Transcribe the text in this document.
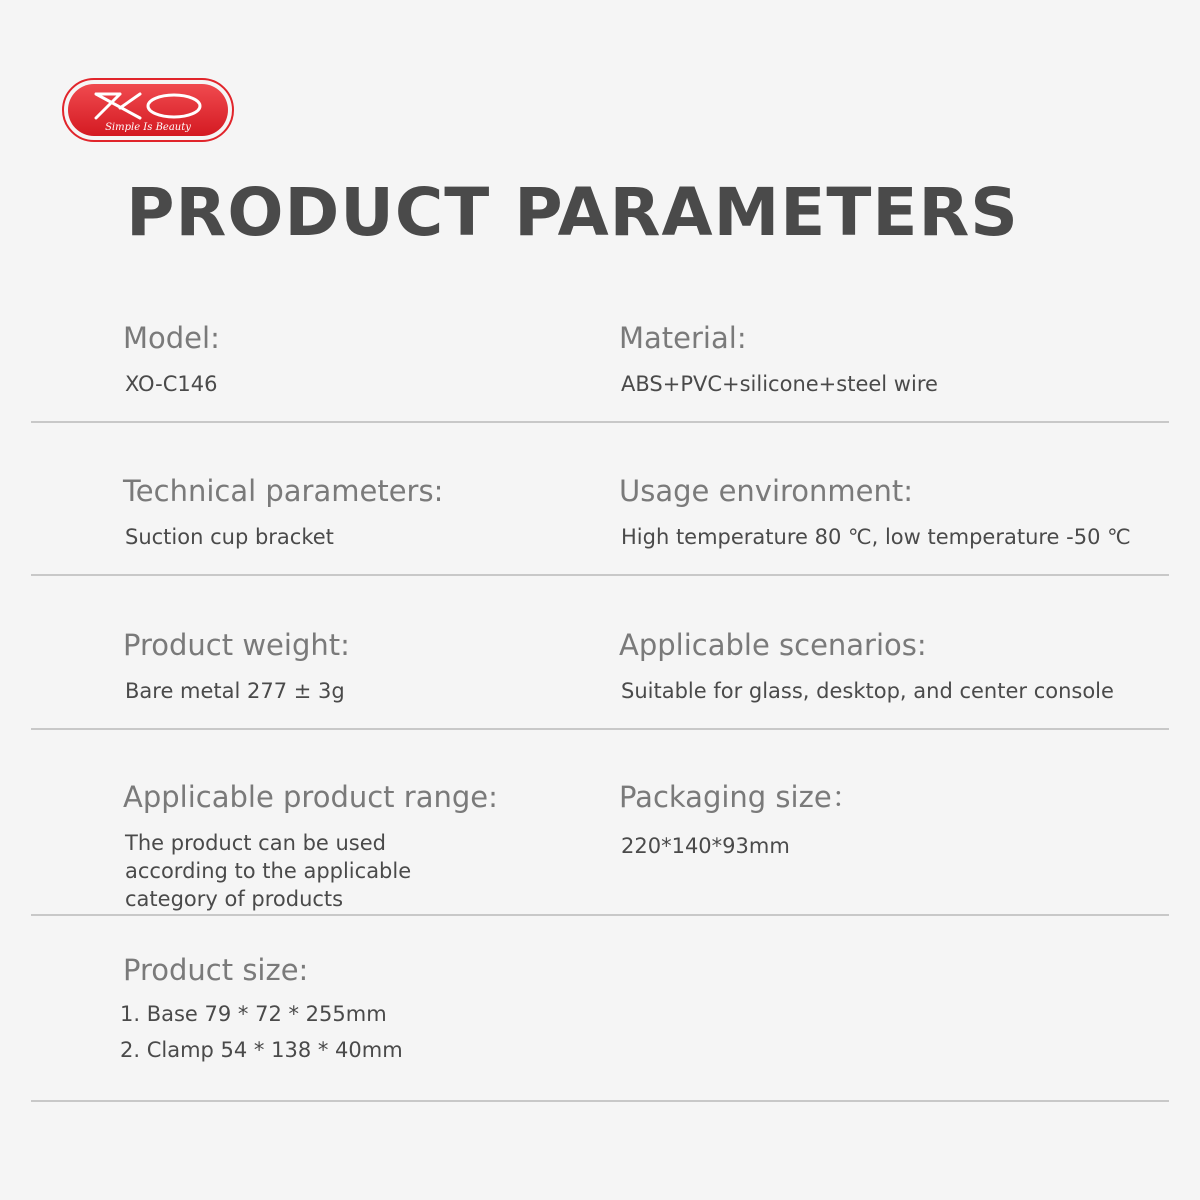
Simple Is Beauty
PRODUCT PARAMETERS

Model:

XO-C146

Material:

ABS+PVC+silicone+steel wire

Technical parameters:

Suction cup bracket

Usage environment:

High temperature 80 ℃, low temperature -50 ℃

Product weight:

Bare metal 277 ± 3g

Applicable scenarios:

Suitable for glass, desktop, and center console

Applicable product range:

The product can be used according to the applicable category of products

Packaging size：

220*140*93mm

Product size:

1. Base 79 * 72 * 255mm
2. Clamp 54 * 138 * 40mm
